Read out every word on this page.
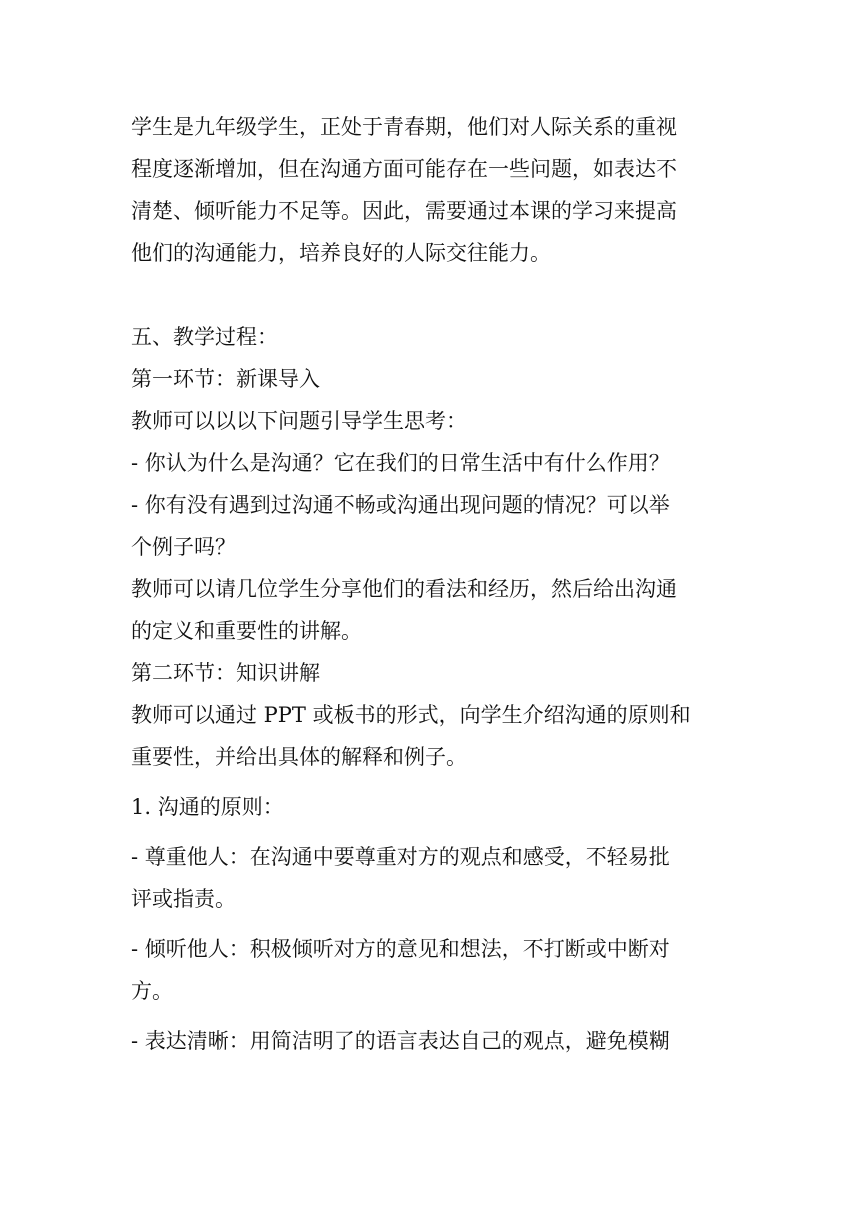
学生是九年级学生，正处于青春期，他们对人际关系的重视
程度逐渐增加，但在沟通方面可能存在一些问题，如表达不
清楚、倾听能力不足等。因此，需要通过本课的学习来提高
他们的沟通能力，培养良好的人际交往能力。
五、教学过程：
第一环节：新课导入
教师可以以以下问题引导学生思考：
- 你认为什么是沟通？它在我们的日常生活中有什么作用？
- 你有没有遇到过沟通不畅或沟通出现问题的情况？可以举
个例子吗？
教师可以请几位学生分享他们的看法和经历，然后给出沟通
的定义和重要性的讲解。
第二环节：知识讲解
教师可以通过 PPT 或板书的形式，向学生介绍沟通的原则和
重要性，并给出具体的解释和例子。
1. 沟通的原则：
- 尊重他人：在沟通中要尊重对方的观点和感受，不轻易批
评或指责。
- 倾听他人：积极倾听对方的意见和想法，不打断或中断对
方。
- 表达清晰：用简洁明了的语言表达自己的观点，避免模糊
